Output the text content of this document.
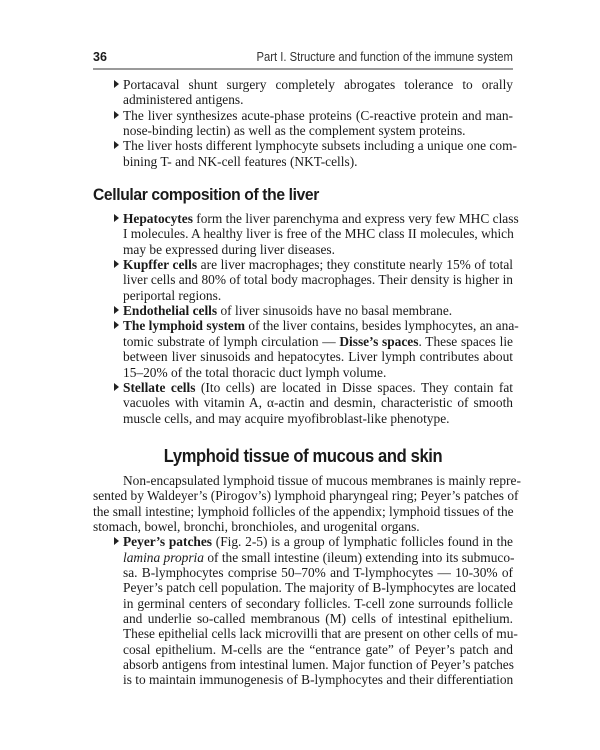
36	Part I. Structure and function of the immune system
Portacaval shunt surgery completely abrogates tolerance to orally
administered antigens.
The liver synthesizes acute-phase proteins (C-reactive protein and man-
nose-binding lectin) as well as the complement system proteins.
The liver hosts different lymphocyte subsets including a unique one com-
bining T- and NK-cell features (NKT-cells).
Cellular composition of the liver
Hepatocytes form the liver parenchyma and express very few MHC class
I molecules. A healthy liver is free of the MHC class II molecules, which
may be expressed during liver diseases.
Kupffer cells are liver macrophages; they constitute nearly 15% of total
liver cells and 80% of total body macrophages. Their density is higher in
periportal regions.
Endothelial cells of liver sinusoids have no basal membrane.
The lymphoid system of the liver contains, besides lymphocytes, an ana-
tomic substrate of lymph circulation — Disse’s spaces. These spaces lie
between liver sinusoids and hepatocytes. Liver lymph contributes about
15–20% of the total thoracic duct lymph volume.
Stellate cells (Ito cells) are located in Disse spaces. They contain fat
vacuoles with vitamin A, α-actin and desmin, characteristic of smooth
muscle cells, and may acquire myofibroblast-like phenotype.
Lymphoid tissue of mucous and skin
Non-encapsulated lymphoid tissue of mucous membranes is mainly repre-
sented by Waldeyer’s (Pirogov’s) lymphoid pharyngeal ring; Peyer’s patches of
the small intestine; lymphoid follicles of the appendix; lymphoid tissues of the
stomach, bowel, bronchi, bronchioles, and urogenital organs.
Peyer’s patches (Fig. 2-5) is a group of lymphatic follicles found in the
lamina propria of the small intestine (ileum) extending into its submuco-
sa. B-lymphocytes comprise 50–70% and T-lymphocytes — 10-30% of
Peyer’s patch cell population. The majority of B-lymphocytes are located
in germinal centers of secondary follicles. T-cell zone surrounds follicle
and underlie so-called membranous (M) cells of intestinal epithelium.
These epithelial cells lack microvilli that are present on other cells of mu-
cosal epithelium. M-cells are the “entrance gate” of Peyer’s patch and
absorb antigens from intestinal lumen. Major function of Peyer’s patches
is to maintain immunogenesis of B-lymphocytes and their differentiation
